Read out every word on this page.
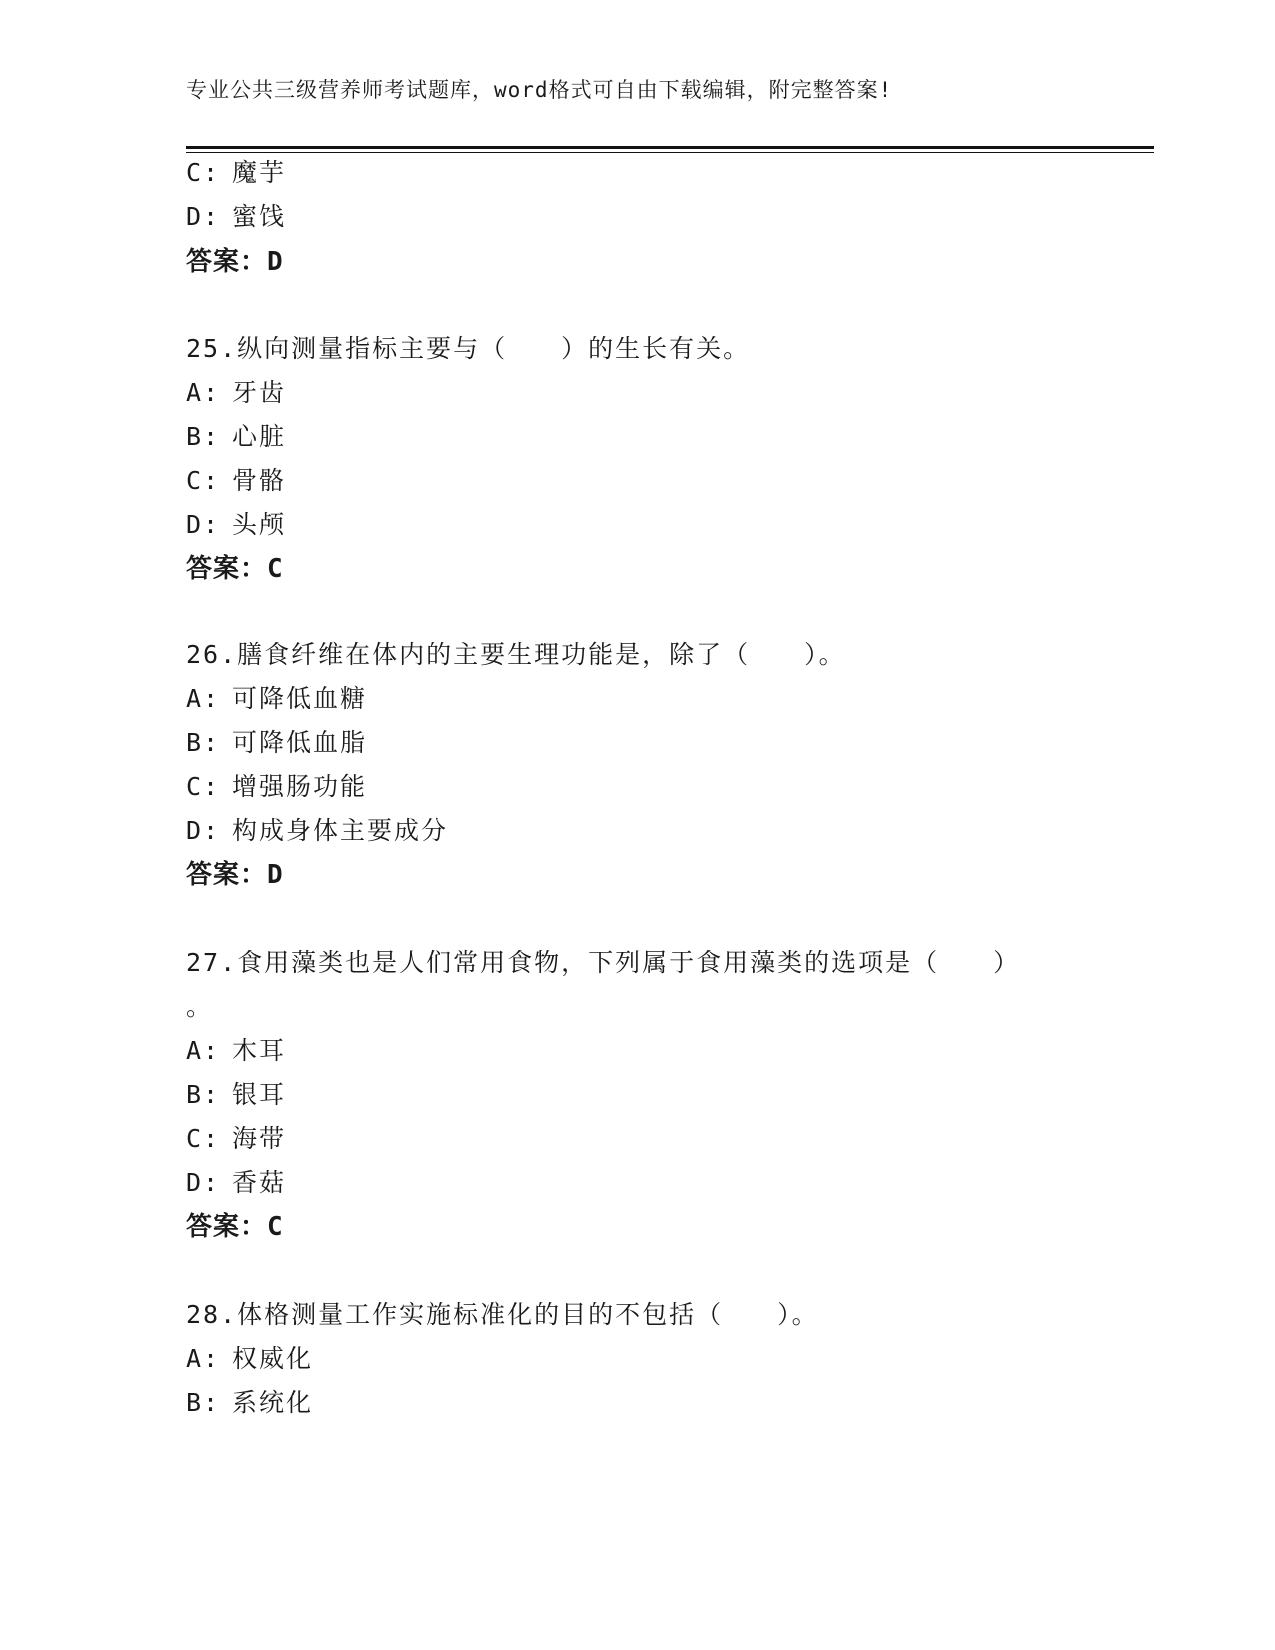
专业公共三级营养师考试题库，word格式可自由下载编辑，附完整答案!
C: 魔芋
D: 蜜饯
答案：D
25.纵向测量指标主要与（　　）的生长有关。
A: 牙齿
B: 心脏
C: 骨骼
D: 头颅
答案：C
26.膳食纤维在体内的主要生理功能是，除了（　　）。
A: 可降低血糖
B: 可降低血脂
C: 增强肠功能
D: 构成身体主要成分
答案：D
27.食用藻类也是人们常用食物，下列属于食用藻类的选项是（　　）
。
A: 木耳
B: 银耳
C: 海带
D: 香菇
答案：C
28.体格测量工作实施标准化的目的不包括（　　）。
A: 权威化
B: 系统化
